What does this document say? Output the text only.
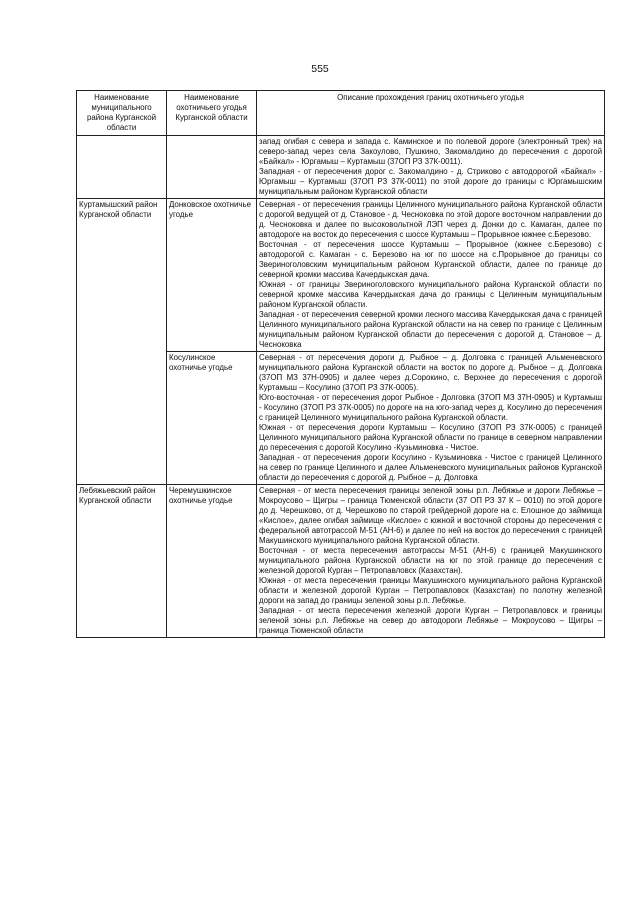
555
Наименование муниципального района Курганской области	Наименование охотничьего угодья Курганской области	Описание прохождения границ охотничьего угодья

		запад огибая с севера и запада с. Каминское и по полевой дороге (электронный трек) на северо-запад через села Закоулово, Пушкино, Закомалдино до пересечения с дорогой «Байкал» - Юргамыш – Куртамыш (37ОП РЗ 37К-0011).

Западная - от пересечения дорог с. Закомалдино - д. Стриково с автодорогой «Байкал» - Юргамыш – Куртамыш (37ОП РЗ 37К-0011) по этой дороге до границы с Юргамышским муниципальным районом Курганской области

Куртамышский район Курганской области	Донковское охотничье угодье	Северная - от пересечения границы Целинного муниципального района Курганской области с дорогой ведущей от д. Становое - д. Чесноковка по этой дороге восточном направлении до д. Чесноковка и далее по высоковольтной ЛЭП через д. Донки до с. Камаган, далее по автодороге на восток до пересечения с шоссе Куртамыш – Прорывное южнее с.Березово.

Восточная - от пересечения шоссе Куртамыш – Прорывное (южнее с.Березово) с автодорогой с. Камаган - с. Березово на юг по шоссе на с.Прорывное до границы со Звериноголовским муниципальным районом Курганской области, далее по границе до северной кромки массива Качердыкская дача.

Южная - от границы Звериноголовского муниципального района Курганской области по северной кромке массива Качердыкская дача до границы с Целинным муниципальным районом Курганской области.

Западная - от пересечения северной кромки лесного массива Качердыкская дача с границей Целинного муниципального района Курганской области на на север по границе с Целинным муниципальным районом Курганской области до пересечения с дорогой д. Становое – д. Чесноковка

	Косулинское охотничье угодье	Северная - от пересечения дороги д. Рыбное – д. Долговка с границей Альменевского муниципального района Курганской области на восток по дороге д. Рыбное – д. Долговка (37ОП МЗ 37Н-0905) и далее через д.Сорокино, с. Верхнее до пересечения с дорогой Куртамыш – Косулино (37ОП РЗ 37К-0005).

Юго-восточная - от пересечения дорог Рыбное - Долговка (37ОП МЗ 37Н-0905) и Куртамыш - Косулино (37ОП РЗ 37К-0005) по дороге на на юго-запад через д. Косулино до пересечения с границей Целинного муниципального района Курганской области.

Южная - от пересечения дороги Куртамыш – Косулино (37ОП РЗ 37К-0005) с границей Целинного муниципального района Курганской области по границе в северном направлении до пересечения с дорогой Косулино -Кузьминовка - Чистое.

Западная - от пересечения дороги Косулино - Кузьминовка - Чистое с границей Целинного на север по границе Целинного и далее Альменевского муниципальных районов Курганской области до пересечения с дорогой д. Рыбное – д. Долговка

Лебяжьевский район Курганской области	Черемушкинское охотничье угодье	Северная - от места пересечения границы зеленой зоны р.п. Лебяжье и дороги Лебяжье – Мокроусово – Щигры – граница Тюменской области (37 ОП РЗ 37 К – 0010) по этой дороге до д. Черешково, от д. Черешково по старой грейдерной дороге на с. Елошное до займища «Кислое», далее огибая займище «Кислое» с южной и восточной стороны до пересечения с федеральной автотрассой М-51 (АН-6) и далее по ней на восток до пересечения с границей Макушинского муниципального района Курганской области.

Восточная - от места пересечения автотрассы М-51 (АН-6) с границей Макушинского муниципального района Курганской области на юг по этой границе до пересечения с железной дорогой Курган – Петропавловск (Казахстан).

Южная - от места пересечения границы Макушинского муниципального района Курганской области и железной дорогой Курган – Петропавловск (Казахстан) по полотну железной дороги на запад до границы зеленой зоны р.п. Лебяжье.

Западная - от места пересечения железной дороги Курган – Петропавловск и границы зеленой зоны р.п. Лебяжье на север до автодороги Лебяжье – Мокроусово – Щигры – граница Тюменской области
